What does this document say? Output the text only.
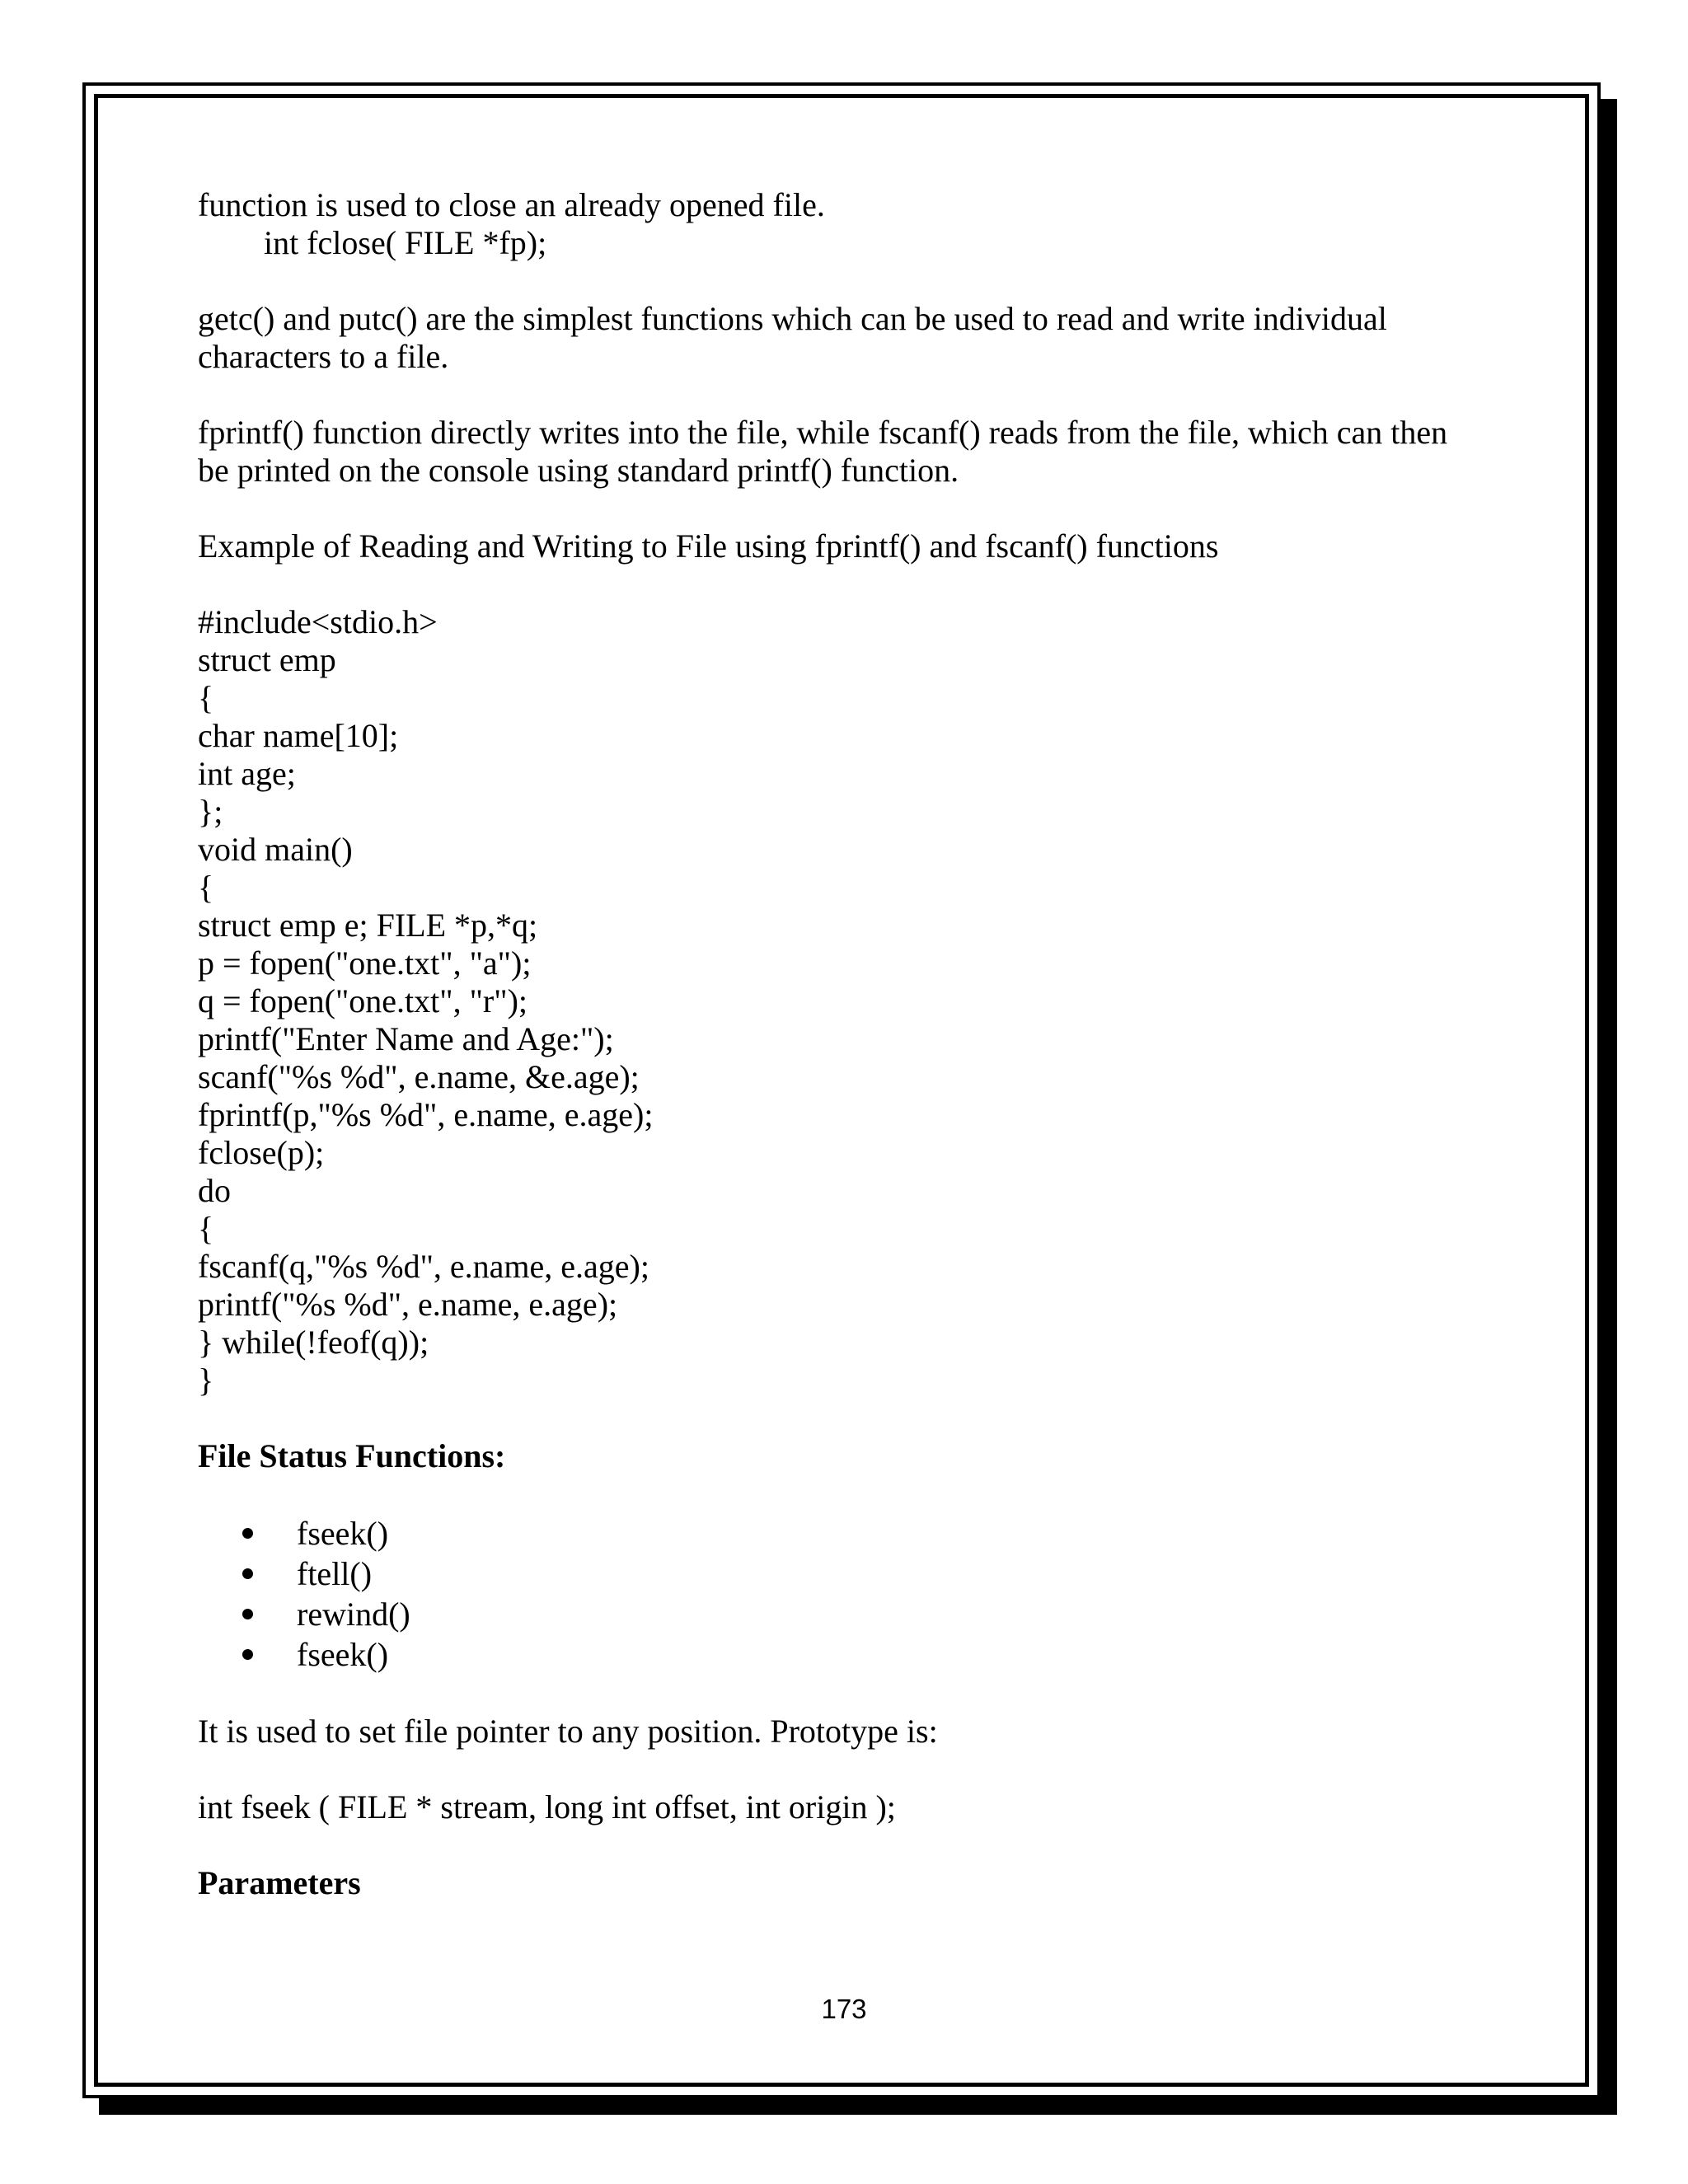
function is used to close an already opened file.

int fclose( FILE *fp);

getc() and putc() are the simplest functions which can be used to read and write individual

characters to a file.

fprintf() function directly writes into the file, while fscanf() reads from the file, which can then

be printed on the console using standard printf() function.

Example of Reading and Writing to File using fprintf() and fscanf() functions

#include<stdio.h>

struct emp

{

char name[10];

int age;

};

void main()

{

struct emp e; FILE *p,*q;

p = fopen("one.txt", "a");

q = fopen("one.txt", "r");

printf("Enter Name and Age:");

scanf("%s %d", e.name, &e.age);

fprintf(p,"%s %d", e.name, e.age);

fclose(p);

do

{

fscanf(q,"%s %d", e.name, e.age);

printf("%s %d", e.name, e.age);

} while(!feof(q));

}

File Status Functions:

fseek()
ftell()
rewind()
fseek()

It is used to set file pointer to any position. Prototype is:

int fseek ( FILE * stream, long int offset, int origin );

Parameters

173
